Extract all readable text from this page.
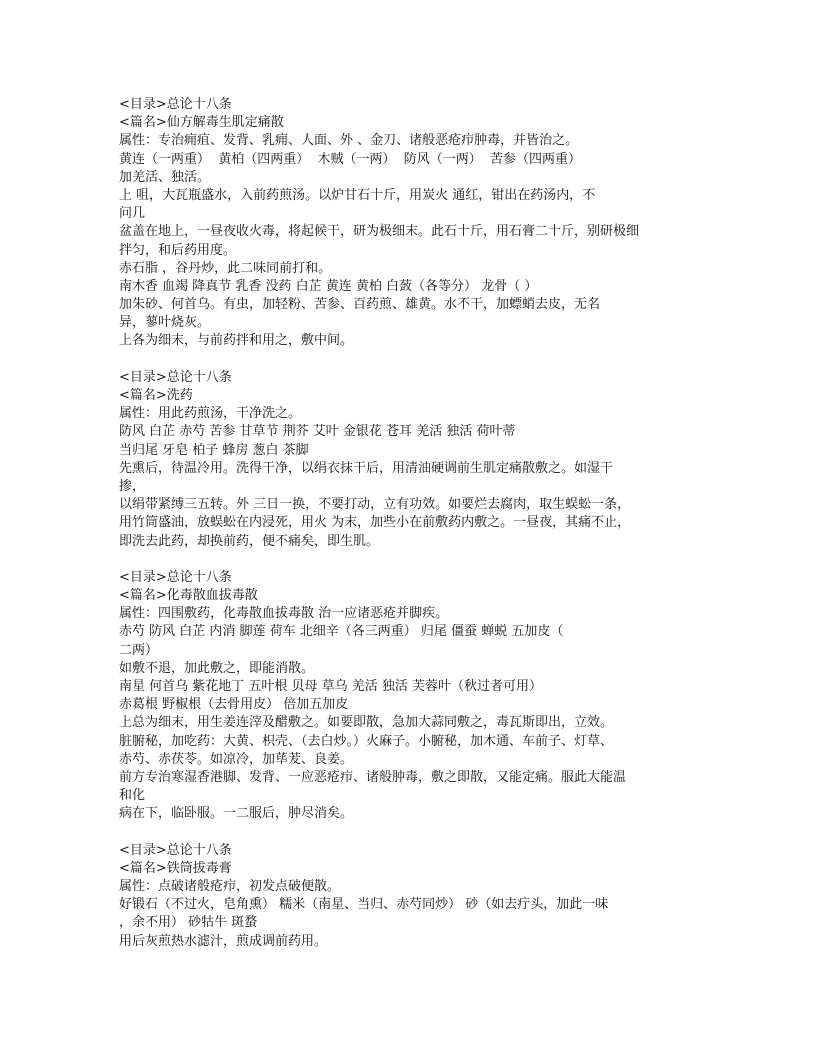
<目录>总论十八条
<篇名>仙方解毒生肌定痛散
属性：专治痈疽、发背、乳痈、人面、外 、金刀、诸般恶疮疖肿毒，并皆治之。
黄连（一两重）  黄柏（四两重）  木贼（一两）  防风（一两）  苦参（四两重）
加羌活、独活。
上 咀，大瓦瓶盛水，入前药煎汤。以炉甘石十斤，用炭火 通红，钳出在药汤内，不
问几
盆盖在地上，一昼夜收火毒，将起候干，研为极细末。此石十斤，用石膏二十斤，别研极细
拌匀，和后药用度。
赤石脂 ，谷丹炒，此二味同前打和。
南木香 血竭 降真节 乳香 没药 白芷 黄连 黄柏 白蔹（各等分） 龙骨（ ）
加朱砂、何首乌。有虫，加轻粉、苦参、百药煎、雄黄。水不干，加螵蛸去皮，无名
异，蓼叶烧灰。
上各为细末，与前药拌和用之，敷中间。
<目录>总论十八条
<篇名>洗药
属性：用此药煎汤，干净洗之。
防风 白芷 赤芍 苦参 甘草节 荆芥 艾叶 金银花 苍耳 羌活 独活 荷叶蒂
当归尾 牙皂 柏子 蜂房 葱白 茶脚
先熏后，待温冷用。洗得干净，以绢衣抹干后，用清油硬调前生肌定痛散敷之。如湿干
掺，
以绢带紧缚三五转。外 三日一换，不要打动，立有功效。如要烂去腐肉，取生蜈蚣一条，
用竹筒盛油，放蜈蚣在内浸死，用火 为末，加些小在前敷药内敷之。一昼夜，其痛不止，
即洗去此药，却换前药，便不痛矣，即生肌。
<目录>总论十八条
<篇名>化毒散血拔毒散
属性：四围敷药，化毒散血拔毒散 治一应诸恶疮并脚疾。
赤芍 防风 白芷 内消 脚莲 荷车 北细辛（各三两重） 归尾 僵蚕 蝉蜕 五加皮（
二两）
如敷不退，加此敷之，即能消散。
南星 何首乌 紫花地丁 五叶根 贝母 草乌 羌活 独活 芙蓉叶（秋过者可用）
赤葛根 野椒根（去骨用皮） 倍加五加皮
上总为细末，用生姜连滓及醋敷之。如要即散，急加大蒜同敷之，毒瓦斯即出，立效。
脏腑秘，加吃药：大黄、枳壳、（去白炒。）火麻子。小腑秘，加木通、车前子、灯草、
赤芍、赤茯苓。如凉冷，加荜茇、良姜。
前方专治寒湿香港脚、发背、一应恶疮疖、诸般肿毒，敷之即散，又能定痛。服此大能温
和化
病在下，临卧服。一二服后，肿尽消矣。
<目录>总论十八条
<篇名>铁筒拔毒膏
属性：点破诸般疮疖，初发点破便散。
好锻石（不过火，皂角熏） 糯米（南星、当归、赤芍同炒） 砂（如去疔头，加此一味
，余不用） 砂牯牛 斑蝥
用后灰煎热水滤汁，煎成调前药用。
